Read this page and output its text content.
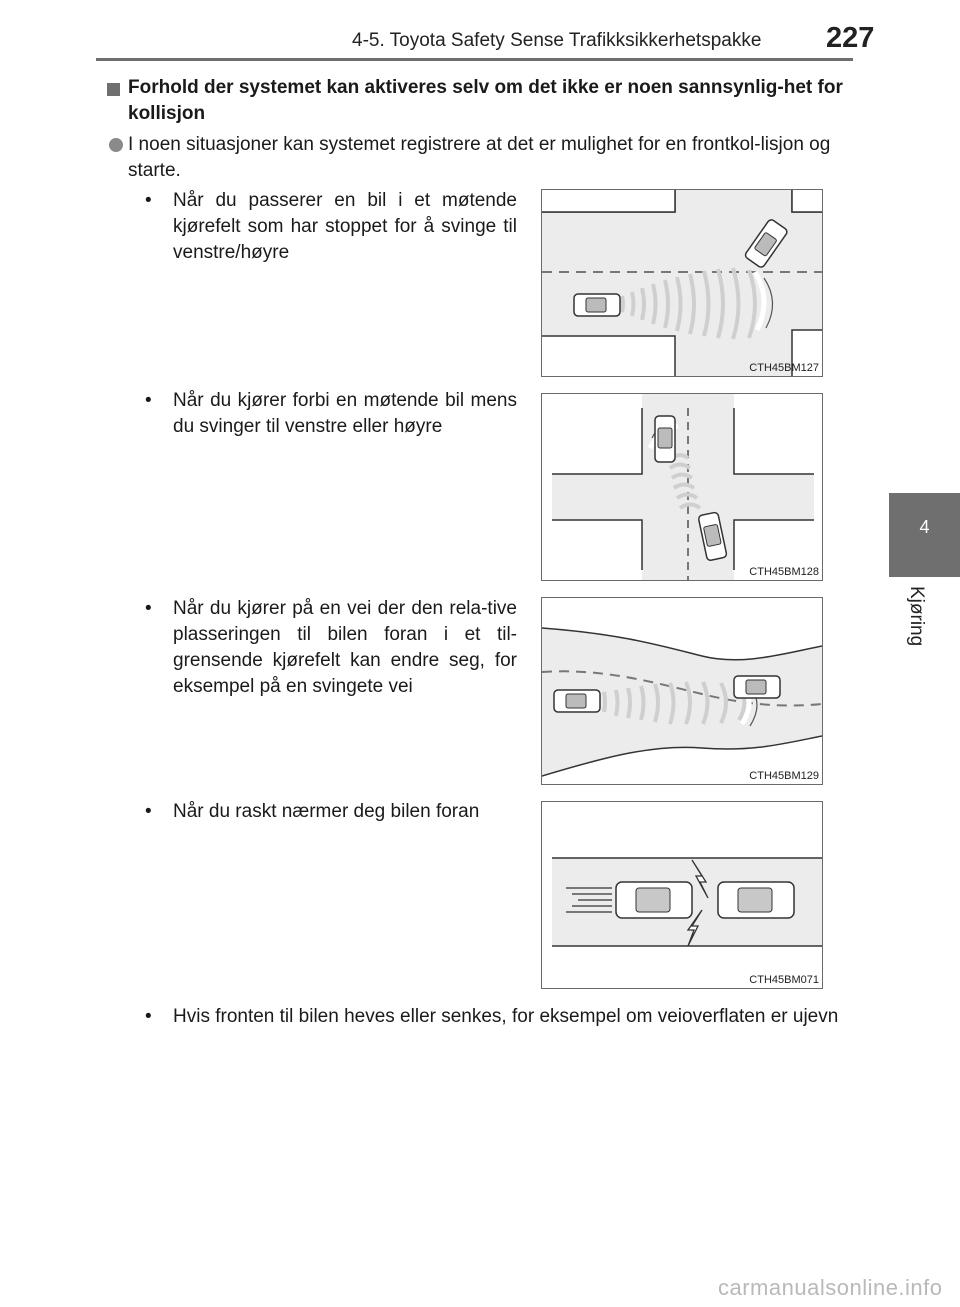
4-5. Toyota Safety Sense Trafikksikkerhetspakke 227
4
Kjøring
Forhold der systemet kan aktiveres selv om det ikke er noen sannsynlig-het for kollisjon
I noen situasjoner kan systemet registrere at det er mulighet for en frontkol-lisjon og starte.
•	Når du passerer en bil i et møtende kjørefelt som har stoppet for å svinge til venstre/høyre
CTH45BM127
•	Når du kjører forbi en møtende bil mens du svinger til venstre eller høyre
CTH45BM128
•	Når du kjører på en vei der den rela-tive plasseringen til bilen foran i et til-grensende kjørefelt kan endre seg, for eksempel på en svingete vei
CTH45BM129
•	Når du raskt nærmer deg bilen foran
CTH45BM071
•	Hvis fronten til bilen heves eller senkes, for eksempel om veioverflaten er ujevn
carmanualsonline.info
